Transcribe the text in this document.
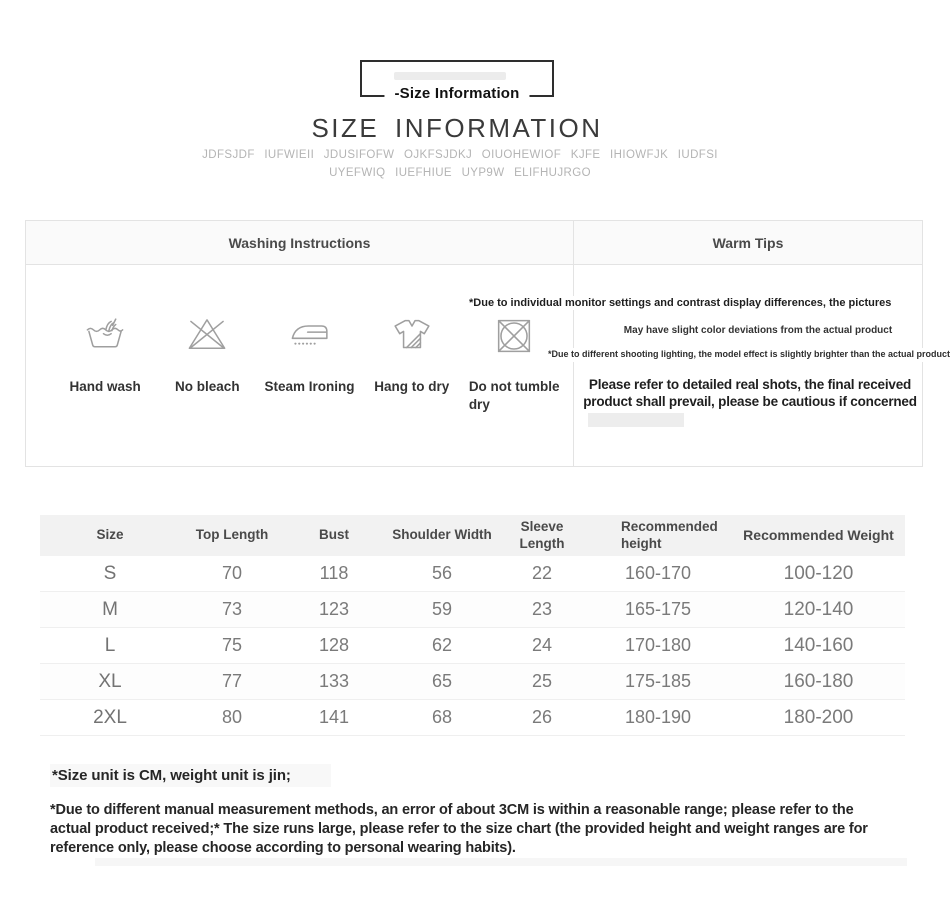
-Size Information
SIZE INFORMATION
JDFSJDF IUFWIEII JDUSIFOFW OJKFSJDKJ OIUOHEWIOF KJFE IHIOWFJK IUDFSI
UYEFWIQ IUEFHIUE UYP9W ELIFHUJRGO
Washing Instructions	Warm Tips
Hand wash	No bleach	Steam Ironing	Hang to dry	Do not tumble dry
*Due to individual monitor settings and contrast display differences, the pictures
May have slight color deviations from the actual product
*Due to different shooting lighting, the model effect is slightly brighter than the actual product
Please refer to detailed real shots, the final received product shall prevail, please be cautious if concerned
Size	Top Length	Bust	Shoulder Width	Sleeve Length	Recommended height	Recommended Weight
S	70	118	56	22	160-170	100-120
M	73	123	59	23	165-175	120-140
L	75	128	62	24	170-180	140-160
XL	77	133	65	25	175-185	160-180
2XL	80	141	68	26	180-190	180-200
*Size unit is CM, weight unit is jin;
*Due to different manual measurement methods, an error of about 3CM is within a reasonable range; please refer to the actual product received;* The size runs large, please refer to the size chart (the provided height and weight ranges are for reference only, please choose according to personal wearing habits).
